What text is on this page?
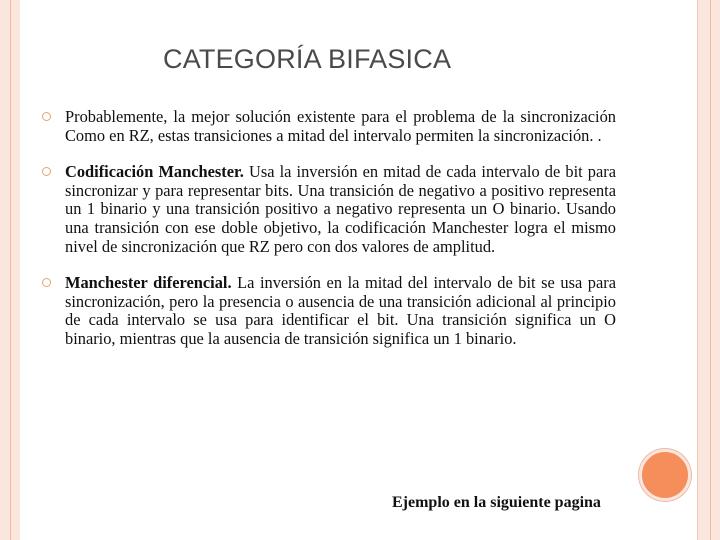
CATEGORÍA BIFASICA
Probablemente, la mejor solución existente para el problema de la sincronización Como en RZ, estas transiciones a mitad del intervalo permiten la sincronización. .
Codificación Manchester. Usa la inversión en mitad de cada intervalo de bit para sincronizar y para representar bits. Una transición de negativo a positivo representa un 1 binario y una transición positivo a negativo representa un O binario. Usando una transición con ese doble objetivo, la codificación Manchester logra el mismo nivel de sincronización que RZ pero con dos valores de amplitud.
Manchester diferencial. La inversión en la mitad del intervalo de bit se usa para sincronización, pero la presencia o ausencia de una transición adicional al principio de cada intervalo se usa para identificar el bit. Una transición significa un O binario, mientras que la ausencia de transición significa un 1 binario.
Ejemplo en la siguiente pagina
